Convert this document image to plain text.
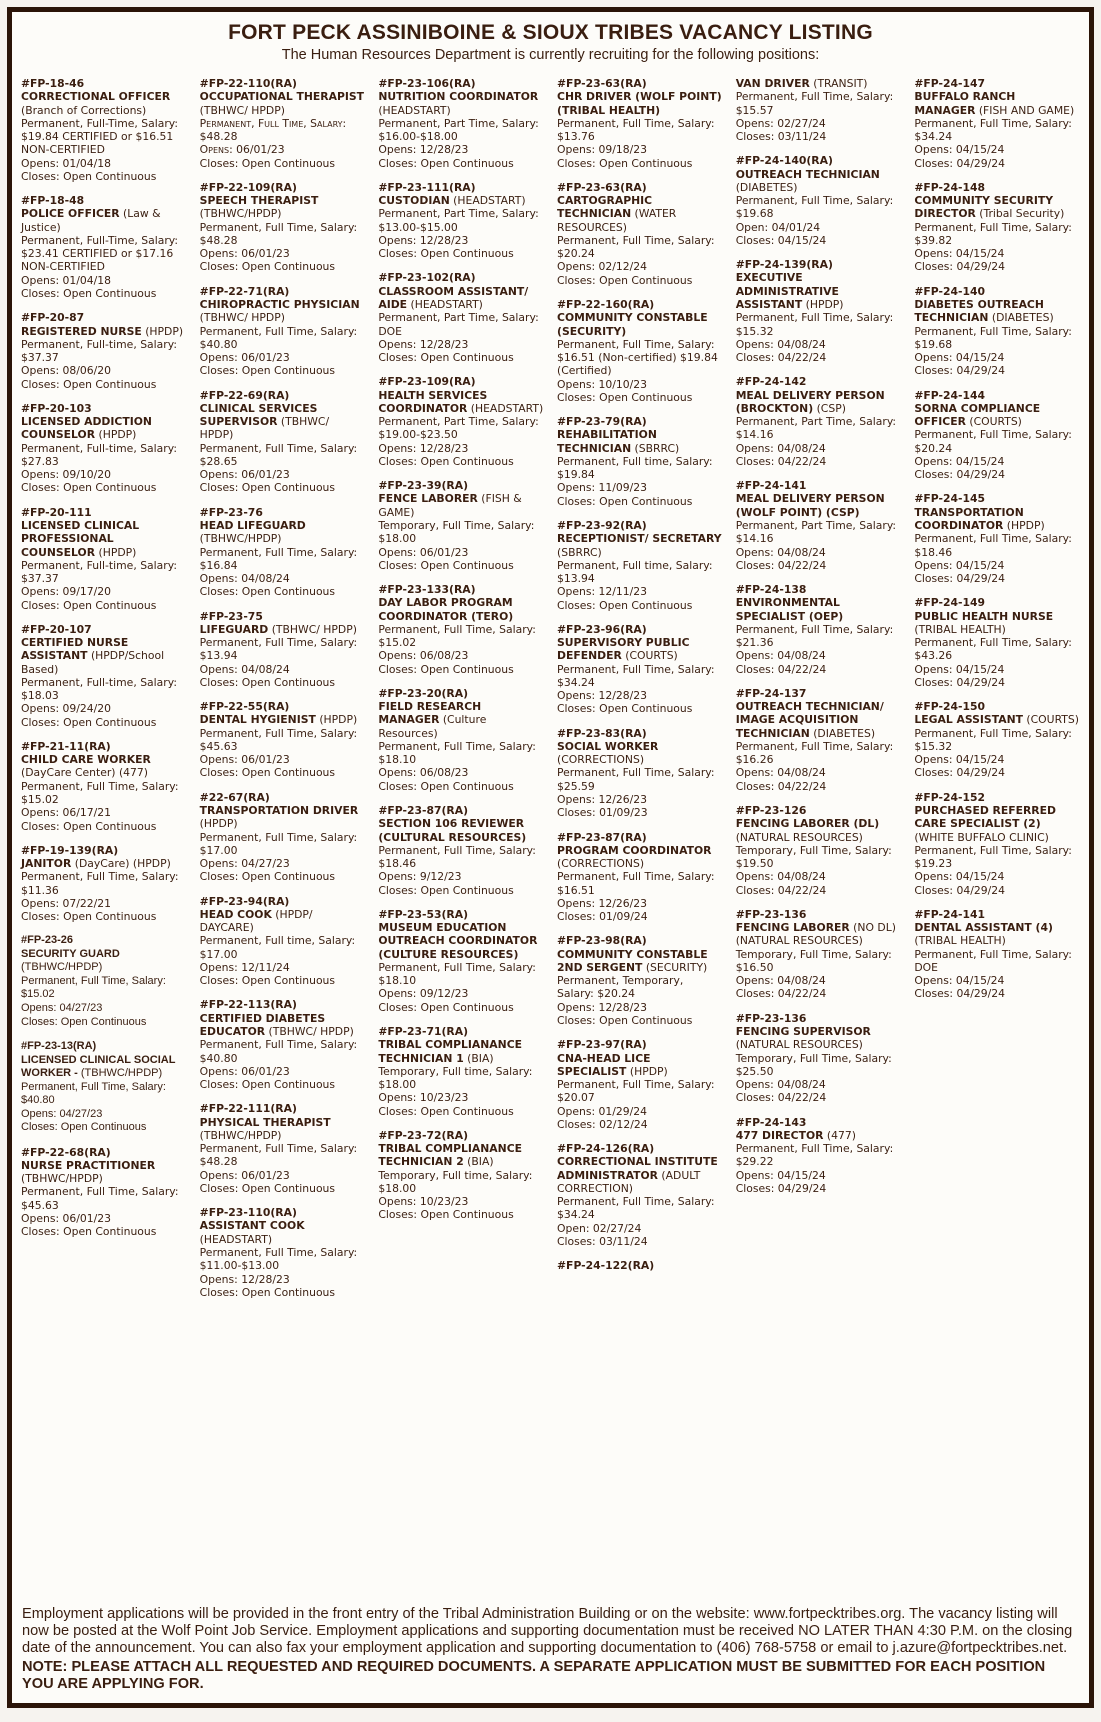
FORT PECK ASSINIBOINE & SIOUX TRIBES VACANCY LISTING
The Human Resources Department is currently recruiting for the following positions:
#FP-18-46
CORRECTIONAL OFFICER (Branch of Corrections)
Permanent, Full-Time, Salary: $19.84 CERTIFIED or $16.51 NON-CERTIFIED
Opens: 01/04/18
Closes: Open Continuous
#FP-18-48
POLICE OFFICER (Law & Justice)
Permanent, Full-Time, Salary: $23.41 CERTIFIED or $17.16 NON-CERTIFIED
Opens: 01/04/18
Closes: Open Continuous
#FP-20-87
REGISTERED NURSE (HPDP)
Permanent, Full-time, Salary: $37.37
Opens: 08/06/20
Closes: Open Continuous
#FP-20-103
LICENSED ADDICTION COUNSELOR (HPDP)
Permanent, Full-time, Salary: $27.83
Opens: 09/10/20
Closes: Open Continuous
#FP-20-111
LICENSED CLINICAL PROFESSIONAL COUNSELOR (HPDP)
Permanent, Full-time, Salary: $37.37
Opens: 09/17/20
Closes: Open Continuous
#FP-20-107
CERTIFIED NURSE ASSISTANT (HPDP/School Based)
Permanent, Full-time, Salary: $18.03
Opens: 09/24/20
Closes: Open Continuous
#FP-21-11(RA)
CHILD CARE WORKER (DayCare Center) (477)
Permanent, Full Time, Salary: $15.02
Opens: 06/17/21
Closes: Open Continuous
#FP-19-139(RA)
JANITOR (DayCare) (HPDP)
Permanent, Full Time, Salary: $11.36
Opens: 07/22/21
Closes: Open Continuous
#FP-23-26
SECURITY GUARD (TBHWC/HPDP)
Permanent, Full Time, Salary: $15.02
Opens: 04/27/23
Closes: Open Continuous
#FP-23-13(RA)
LICENSED CLINICAL SOCIAL WORKER - (TBHWC/HPDP)
Permanent, Full Time, Salary: $40.80
Opens: 04/27/23
Closes: Open Continuous
#FP-22-68(RA)
NURSE PRACTITIONER (TBHWC/HPDP)
Permanent, Full Time, Salary: $45.63
Opens: 06/01/23
Closes: Open Continuous
#FP-22-110(RA)
OCCUPATIONAL THERAPIST (TBHWC/ HPDP)
Permanent, Full Time, Salary: $48.28
Opens: 06/01/23
Closes: Open Continuous
#FP-22-109(RA)
SPEECH THERAPIST (TBHWC/HPDP)
Permanent, Full Time, Salary: $48.28
Opens: 06/01/23
Closes: Open Continuous
#FP-22-71(RA)
CHIROPRACTIC PHYSICIAN (TBHWC/ HPDP)
Permanent, Full Time, Salary: $40.80
Opens: 06/01/23
Closes: Open Continuous
#FP-22-69(RA)
CLINICAL SERVICES SUPERVISOR (TBHWC/ HPDP)
Permanent, Full Time, Salary: $28.65
Opens: 06/01/23
Closes: Open Continuous
#FP-23-76
HEAD LIFEGUARD (TBHWC/HPDP)
Permanent, Full Time, Salary: $16.84
Opens: 04/08/24
Closes: Open Continuous
#FP-23-75
LIFEGUARD (TBHWC/ HPDP)
Permanent, Full Time, Salary: $13.94
Opens: 04/08/24
Closes: Open Continuous
#FP-22-55(RA)
DENTAL HYGIENIST (HPDP)
Permanent, Full Time, Salary: $45.63
Opens: 06/01/23
Closes: Open Continuous
#22-67(RA)
TRANSPORTATION DRIVER (HPDP)
Permanent, Full Time, Salary: $17.00
Opens: 04/27/23
Closes: Open Continuous
#FP-23-94(RA)
HEAD COOK (HPDP/ DAYCARE)
Permanent, Full time, Salary: $17.00
Opens: 12/11/24
Closes: Open Continuous
#FP-22-113(RA)
CERTIFIED DIABETES EDUCATOR (TBHWC/ HPDP)
Permanent, Full Time, Salary: $40.80
Opens: 06/01/23
Closes: Open Continuous
#FP-22-111(RA)
PHYSICAL THERAPIST (TBHWC/HPDP)
Permanent, Full Time, Salary: $48.28
Opens: 06/01/23
Closes: Open Continuous
#FP-23-110(RA)
ASSISTANT COOK (HEADSTART)
Permanent, Full Time, Salary: $11.00-$13.00
Opens: 12/28/23
Closes: Open Continuous
#FP-23-106(RA)
NUTRITION COORDINATOR (HEADSTART)
Permanent, Part Time, Salary: $16.00-$18.00
Opens: 12/28/23
Closes: Open Continuous
#FP-23-111(RA)
CUSTODIAN (HEADSTART)
Permanent, Part Time, Salary: $13.00-$15.00
Opens: 12/28/23
Closes: Open Continuous
#FP-23-102(RA)
CLASSROOM ASSISTANT/ AIDE (HEADSTART)
Permanent, Part Time, Salary: DOE
Opens: 12/28/23
Closes: Open Continuous
#FP-23-109(RA)
HEALTH SERVICES COORDINATOR (HEADSTART)
Permanent, Part Time, Salary: $19.00-$23.50
Opens: 12/28/23
Closes: Open Continuous
#FP-23-39(RA)
FENCE LABORER (FISH & GAME)
Temporary, Full Time, Salary: $18.00
Opens: 06/01/23
Closes: Open Continuous
#FP-23-133(RA)
DAY LABOR PROGRAM COORDINATOR (TERO)
Permanent, Full Time, Salary: $15.02
Opens: 06/08/23
Closes: Open Continuous
#FP-23-20(RA)
FIELD RESEARCH MANAGER (Culture Resources)
Permanent, Full Time, Salary: $18.10
Opens: 06/08/23
Closes: Open Continuous
#FP-23-87(RA)
SECTION 106 REVIEWER (CULTURAL RESOURCES)
Permanent, Full Time, Salary: $18.46
Opens: 9/12/23
Closes: Open Continuous
#FP-23-53(RA)
MUSEUM EDUCATION OUTREACH COORDINATOR (CULTURE RESOURCES)
Permanent, Full Time, Salary: $18.10
Opens: 09/12/23
Closes: Open Continuous
#FP-23-71(RA)
TRIBAL COMPLIANANCE TECHNICIAN 1 (BIA)
Temporary, Full time, Salary: $18.00
Opens: 10/23/23
Closes: Open Continuous
#FP-23-72(RA)
TRIBAL COMPLIANANCE TECHNICIAN 2 (BIA)
Temporary, Full time, Salary: $18.00
Opens: 10/23/23
Closes: Open Continuous
#FP-23-63(RA)
CHR DRIVER (WOLF POINT) (TRIBAL HEALTH)
Permanent, Full Time, Salary: $13.76
Opens: 09/18/23
Closes: Open Continuous
#FP-23-63(RA)
CARTOGRAPHIC TECHNICIAN (WATER RESOURCES)
Permanent, Full Time, Salary: $20.24
Opens: 02/12/24
Closes: Open Continuous
#FP-22-160(RA)
COMMUNITY CONSTABLE (SECURITY)
Permanent, Full Time, Salary: $16.51 (Non-certified) $19.84 (Certified)
Opens: 10/10/23
Closes: Open Continuous
#FP-23-79(RA)
REHABILITATION TECHNICIAN (SBRRC)
Permanent, Full time, Salary: $19.84
Opens: 11/09/23
Closes: Open Continuous
#FP-23-92(RA)
RECEPTIONIST/ SECRETARY (SBRRC)
Permanent, Full time, Salary: $13.94
Opens: 12/11/23
Closes: Open Continuous
#FP-23-96(RA)
SUPERVISORY PUBLIC DEFENDER (COURTS)
Permanent, Full Time, Salary: $34.24
Opens: 12/28/23
Closes: Open Continuous
#FP-23-83(RA)
SOCIAL WORKER (CORRECTIONS)
Permanent, Full Time, Salary: $25.59
Opens: 12/26/23
Closes: 01/09/23
#FP-23-87(RA)
PROGRAM COORDINATOR (CORRECTIONS)
Permanent, Full Time, Salary: $16.51
Opens: 12/26/23
Closes: 01/09/24
#FP-23-98(RA)
COMMUNITY CONSTABLE 2ND SERGENT (SECURITY)
Permanent, Temporary, Salary: $20.24
Opens: 12/28/23
Closes: Open Continuous
#FP-23-97(RA)
CNA-HEAD LICE SPECIALIST (HPDP)
Permanent, Full Time, Salary: $20.07
Opens: 01/29/24
Closes: 02/12/24
#FP-24-126(RA)
CORRECTIONAL INSTITUTE ADMINISTRATOR (ADULT CORRECTION)
Permanent, Full Time, Salary: $34.24
Open: 02/27/24
Closes: 03/11/24
#FP-24-122(RA)
VAN DRIVER (TRANSIT)
Permanent, Full Time, Salary: $15.57
Opens: 02/27/24
Closes: 03/11/24
#FP-24-140(RA)
OUTREACH TECHNICIAN (DIABETES)
Permanent, Full Time, Salary: $19.68
Open: 04/01/24
Closes: 04/15/24
#FP-24-139(RA)
EXECUTIVE ADMINISTRATIVE ASSISTANT (HPDP)
Permanent, Full Time, Salary: $15.32
Opens: 04/08/24
Closes: 04/22/24
#FP-24-142
MEAL DELIVERY PERSON (BROCKTON) (CSP)
Permanent, Part Time, Salary: $14.16
Opens: 04/08/24
Closes: 04/22/24
#FP-24-141
MEAL DELIVERY PERSON (WOLF POINT) (CSP)
Permanent, Part Time, Salary: $14.16
Opens: 04/08/24
Closes: 04/22/24
#FP-24-138
ENVIRONMENTAL SPECIALIST (OEP)
Permanent, Full Time, Salary: $21.36
Opens: 04/08/24
Closes: 04/22/24
#FP-24-137
OUTREACH TECHNICIAN/ IMAGE ACQUISITION TECHNICIAN (DIABETES)
Permanent, Full Time, Salary: $16.26
Opens: 04/08/24
Closes: 04/22/24
#FP-23-126
FENCING LABORER (DL) (NATURAL RESOURCES)
Temporary, Full Time, Salary: $19.50
Opens: 04/08/24
Closes: 04/22/24
#FP-23-136
FENCING LABORER (NO DL) (NATURAL RESOURCES)
Temporary, Full Time, Salary: $16.50
Opens: 04/08/24
Closes: 04/22/24
#FP-23-136
FENCING SUPERVISOR (NATURAL RESOURCES)
Temporary, Full Time, Salary: $25.50
Opens: 04/08/24
Closes: 04/22/24
#FP-24-143
477 DIRECTOR (477)
Permanent, Full Time, Salary: $29.22
Opens: 04/15/24
Closes: 04/29/24
#FP-24-147
BUFFALO RANCH MANAGER (FISH AND GAME)
Permanent, Full Time, Salary: $34.24
Opens: 04/15/24
Closes: 04/29/24
#FP-24-148
COMMUNITY SECURITY DIRECTOR (Tribal Security)
Permanent, Full Time, Salary: $39.82
Opens: 04/15/24
Closes: 04/29/24
#FP-24-140
DIABETES OUTREACH TECHNICIAN (DIABETES)
Permanent, Full Time, Salary: $19.68
Opens: 04/15/24
Closes: 04/29/24
#FP-24-144
SORNA COMPLIANCE OFFICER (COURTS)
Permanent, Full Time, Salary: $20.24
Opens: 04/15/24
Closes: 04/29/24
#FP-24-145
TRANSPORTATION COORDINATOR (HPDP)
Permanent, Full Time, Salary: $18.46
Opens: 04/15/24
Closes: 04/29/24
#FP-24-149
PUBLIC HEALTH NURSE (TRIBAL HEALTH)
Permanent, Full Time, Salary: $43.26
Opens: 04/15/24
Closes: 04/29/24
#FP-24-150
LEGAL ASSISTANT (COURTS)
Permanent, Full Time, Salary: $15.32
Opens: 04/15/24
Closes: 04/29/24
#FP-24-152
PURCHASED REFERRED CARE SPECIALIST (2) (WHITE BUFFALO CLINIC)
Permanent, Full Time, Salary: $19.23
Opens: 04/15/24
Closes: 04/29/24
#FP-24-141
DENTAL ASSISTANT (4) (TRIBAL HEALTH)
Permanent, Full Time, Salary: DOE
Opens: 04/15/24
Closes: 04/29/24
Employment applications will be provided in the front entry of the Tribal Administration Building or on the website: www.fortpecktribes.org. The vacancy listing will now be posted at the Wolf Point Job Service. Employment applications and supporting documentation must be received NO LATER THAN 4:30 P.M. on the closing date of the announcement. You can also fax your employment application and supporting documentation to (406) 768-5758 or email to j.azure@fortpecktribes.net.
NOTE: PLEASE ATTACH ALL REQUESTED AND REQUIRED DOCUMENTS. A SEPARATE APPLICATION MUST BE SUBMITTED FOR EACH POSITION YOU ARE APPLYING FOR.
